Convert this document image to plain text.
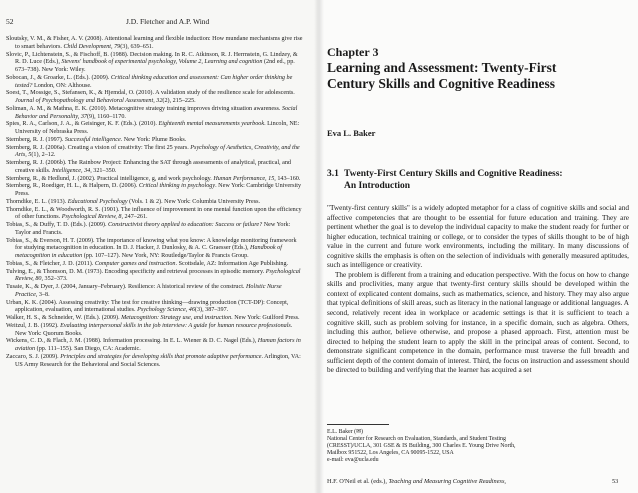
52	J.D. Fletcher and A.P. Wind

Sloutsky, V. M., & Fisher, A. V. (2008). Attentional learning and flexible induction: How mundane mechanisms give rise to smart behaviors. Child Development, 79(3), 639–651.

Slovic, P., Lichtenstein, S., & Fischoff, B. (1988). Decision making. In R. C. Atkinson, R. J. Herrnstein, G. Lindzey, & R. D. Luce (Eds.), Stevens' handbook of experimental psychology, Volume 2, Learning and cognition (2nd ed., pp. 673–738). New York: Wiley.

Sobocan, J., & Groarke, L. (Eds.). (2009). Critical thinking education and assessment: Can higher order thinking be tested? London, ON: Althouse.

Soest, T., Mossige, S., Stefansen, K., & Hjemdal, O. (2010). A validation study of the resilience scale for adolescents. Journal of Psychopathology and Behavioral Assessment, 32(2), 215–225.

Soliman, A. M., & Mathna, E. K. (2010). Metacognitive strategy training improves driving situation awareness. Social Behavior and Personality, 37(9), 1160–1170.

Spies, R. A., Carlson, J. A., & Geisinger, K. F. (Eds.). (2010). Eighteenth mental measurements yearbook. Lincoln, NE: University of Nebraska Press.

Sternberg, R. J. (1997). Successful intelligence. New York: Plume Books.

Sternberg, R. J. (2006a). Creating a vision of creativity: The first 25 years. Psychology of Aesthetics, Creativity, and the Arts, 5(1), 2–12.

Sternberg, R. J. (2006b). The Rainbow Project: Enhancing the SAT through assessments of analytical, practical, and creative skills. Intelligence, 34, 321–350.

Sternberg, R., & Hedlund, J. (2002). Practical intelligence, g, and work psychology. Human Performance, 15, 143–160.

Sternberg, R., Roediger, H. L., & Halpern, D. (2006). Critical thinking in psychology. New York: Cambridge University Press.

Thorndike, E. L. (1913). Educational Psychology (Vols. 1 & 2). New York: Columbia University Press.

Thorndike, E. L., & Woodworth, R. S. (1901). The influence of improvement in one mental function upon the efficiency of other functions. Psychological Review, 8, 247–261.

Tobias, S., & Duffy, T. D. (Eds.). (2009). Constructivist theory applied to education: Success or failure? New York: Taylor and Francis.

Tobias, S., & Everson, H. T. (2009). The importance of knowing what you know: A knowledge monitoring framework for studying metacognition in education. In D. J. Hacker, J. Dunlosky, & A. C. Graesser (Eds.), Handbook of metacognition in education (pp. 107–127). New York, NY: Routledge/Taylor & Francis Group.

Tobias, S., & Fletcher, J. D. (2011). Computer games and instruction. Scottsdale, AZ: Information Age Publishing.

Tulving, E., & Thomson, D. M. (1973). Encoding specificity and retrieval processes in episodic memory. Psychological Review, 80, 352–373.

Tusaie, K., & Dyer, J. (2004, January–February). Resilience: A historical review of the construct. Holistic Nurse Practice, 3–8.

Urban, K. K. (2004). Assessing creativity: The test for creative thinking—drawing production (TCT-DP): Concept, application, evaluation, and international studies. Psychology Science, 46(3), 387–397.

Walker, H. S., & Schneider, W. (Eds.). (2009). Metacognition: Strategy use, and instruction. New York: Guilford Press.

Weitzul, J. B. (1992). Evaluating interpersonal skills in the job interview: A guide for human resource professionals. New York: Quorum Books.

Wickens, C. D., & Flach, J. M. (1988). Information processing. In E. L. Wiener & D. C. Nagel (Eds.), Human factors in aviation (pp. 111–155). San Diego, CA: Academic.

Zaccaro, S. J. (2009). Principles and strategies for developing skills that promote adaptive performance. Arlington, VA: US Army Research for the Behavioral and Social Sciences.

Chapter 3
Learning and Assessment: Twenty-First
Century Skills and Cognitive Readiness
Eva L. Baker
3.1 Twenty-First Century Skills and Cognitive Readiness:
An Introduction

"Twenty-first century skills" is a widely adopted metaphor for a class of cognitive skills and social and affective competencies that are thought to be essential for future education and training. They are pertinent whether the goal is to develop the individual capacity to make the student ready for further or higher education, technical training or college, or to consider the types of skills thought to be of high value in the current and future work environments, including the military. In many discussions of cognitive skills the emphasis is often on the selection of individuals with generally measured aptitudes, such as intelligence or creativity.

The problem is different from a training and education perspective. With the focus on how to change skills and proclivities, many argue that twenty-first century skills should be developed within the context of explicated content domains, such as mathematics, science, and history. They may also argue that typical definitions of skill areas, such as literacy in the national language or additional languages. A second, relatively recent idea in workplace or academic settings is that it is sufficient to teach a cognitive skill, such as problem solving for instance, in a specific domain, such as algebra. Others, including this author, believe otherwise, and propose a phased approach. First, attention must be directed to helping the student learn to apply the skill in the principal areas of content. Second, to demonstrate significant competence in the domain, performance must traverse the full breadth and sufficient depth of the content domain of interest. Third, the focus on instruction and assessment should be directed to building and verifying that the learner has acquired a set

E.L. Baker (✉)
National Center for Research on Evaluation, Standards, and Student Testing
(CRESST)/UCLA, 301 GSE & IS Building, 300 Charles E. Young Drive North,
Mailbox 951522, Los Angeles, CA 90095-1522, USA
e-mail: eva@ucla.edu
H.F. O'Neil et al. (eds.), Teaching and Measuring Cognitive Readiness,	53
